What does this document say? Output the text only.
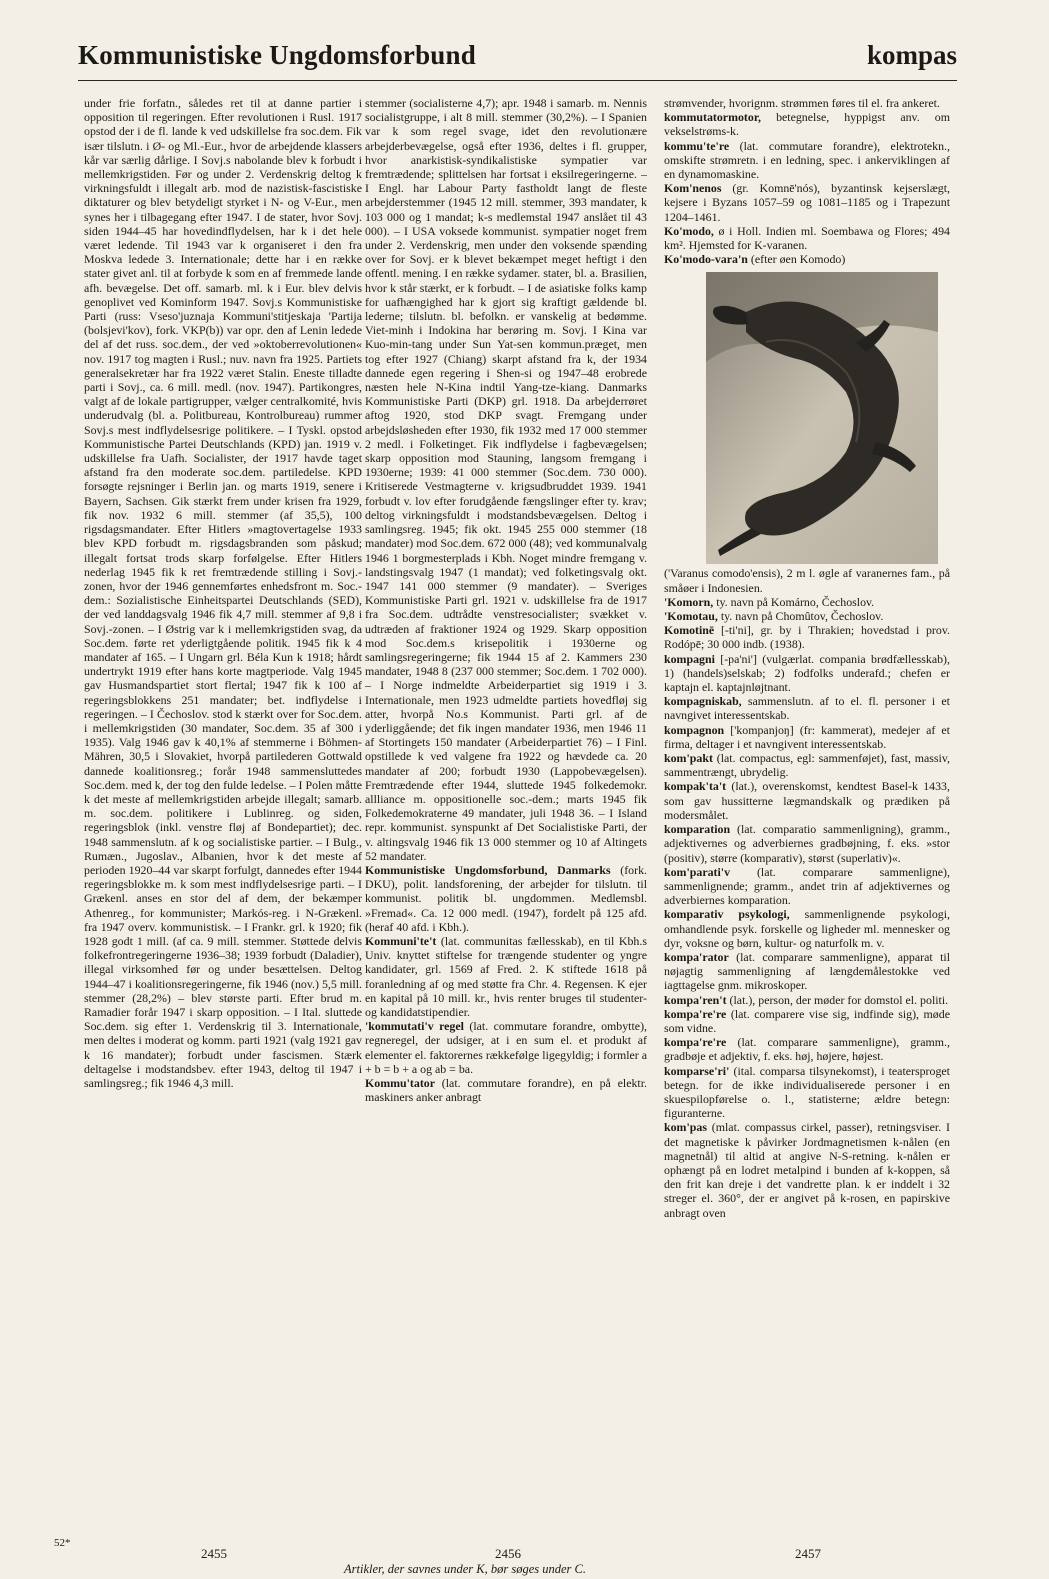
Kommunistiske Ungdomsforbund	kompas

under frie forfatn., således ret til at danne partier i opposition til regeringen. Efter revolutionen i Rusl. 1917 opstod der i de fl. lande k ved udskillelse fra soc.dem. Fik især tilslutn. i Ø- og Ml.-Eur., hvor de arbejdende klassers kår var særlig dårlige. I Sovj.s nabolande blev k forbudt i mellemkrigstiden. Før og under 2. Verdenskrig deltog k virkningsfuldt i illegalt arb. mod de nazistisk-fascistiske diktaturer og blev betydeligt styrket i N- og V-Eur., men synes her i tilbagegang efter 1947. I de stater, hvor Sovj. siden 1944–45 har hovedindflydelsen, har k i det hele været ledende. Til 1943 var k organiseret i den fra Moskva ledede 3. Internationale; dette har i en række stater givet anl. til at forbyde k som en af fremmede lande afh. bevægelse. Det off. samarb. ml. k i Eur. blev delvis genoplivet ved Kominform 1947. Sovj.s Kommunistiske Parti (russ: Vseso'juznaja Kommuni'stitjeskaja 'Partija (bolsjevi'kov), fork. VKP(b)) var opr. den af Lenin ledede del af det russ. soc.dem., der ved »oktoberrevolutionen« nov. 1917 tog magten i Rusl.; nuv. navn fra 1925. Partiets generalsekretær har fra 1922 været Stalin. Eneste tilladte parti i Sovj., ca. 6 mill. medl. (nov. 1947). Partikongres, valgt af de lokale partigrupper, vælger centralkomité, hvis underudvalg (bl. a. Politbureau, Kontrolbureau) rummer Sovj.s mest indflydelsesrige politikere. – I Tyskl. opstod Kommunistische Partei Deutschlands (KPD) jan. 1919 v. udskillelse fra Uafh. Socialister, der 1917 havde taget afstand fra den moderate soc.dem. partiledelse. KPD forsøgte rejsninger i Berlin jan. og marts 1919, senere i Bayern, Sachsen. Gik stærkt frem under krisen fra 1929, fik nov. 1932 6 mill. stemmer (af 35,5), 100 rigsdagsmandater. Efter Hitlers »magtovertagelse 1933 blev KPD forbudt m. rigsdagsbranden som påskud; illegalt fortsat trods skarp forfølgelse. Efter Hitlers nederlag 1945 fik k ret fremtrædende stilling i Sovj.-zonen, hvor der 1946 gennemførtes enhedsfront m. Soc.-dem.: Sozialistische Einheitspartei Deutschlands (SED), der ved landdagsvalg 1946 fik 4,7 mill. stemmer af 9,8 i Sovj.-zonen. – I Østrig var k i mellemkrigstiden svag, da Soc.dem. førte ret yderligtgående politik. 1945 fik k 4 mandater af 165. – I Ungarn grl. Béla Kun k 1918; hårdt undertrykt 1919 efter hans korte magtperiode. Valg 1945 gav Husmandspartiet stort flertal; 1947 fik k 100 af regeringsblokkens 251 mandater; bet. indflydelse i regeringen. – I Čechoslov. stod k stærkt over for Soc.dem. i mellemkrigstiden (30 mandater, Soc.dem. 35 af 300 i 1935). Valg 1946 gav k 40,1% af stemmerne i Böhmen-Mähren, 30,5 i Slovakiet, hvorpå partilederen Gottwald dannede koalitionsreg.; forår 1948 sammensluttedes Soc.dem. med k, der tog den fulde ledelse. – I Polen måtte k det meste af mellemkrigstiden arbejde illegalt; samarb. m. soc.dem. politikere i Lublinreg. og siden, regeringsblok (inkl. venstre fløj af Bondepartiet); dec. 1948 sammenslutn. af k og socialistiske partier. – I Bulg., Rumæn., Jugoslav., Albanien, hvor k det meste af perioden 1920–44 var skarpt forfulgt, dannedes efter 1944 regeringsblokke m. k som mest indflydelsesrige parti. – I Grækenl. anses en stor del af dem, der bekæmper Athenreg., for kommunister; Markós-reg. i N-Grækenl. fra 1947 overv. kommunistisk. – I Frankr. grl. k 1920; fik 1928 godt 1 mill. (af ca. 9 mill. stemmer. Støttede delvis folkefrontregeringerne 1936–38; 1939 forbudt (Daladier), illegal virksomhed før og under besættelsen. Deltog 1944–47 i koalitionsregeringerne, fik 1946 (nov.) 5,5 mill. stemmer (28,2%) – blev største parti. Efter brud m. Ramadier forår 1947 i skarp opposition. – I Ital. sluttede Soc.dem. sig efter 1. Verdenskrig til 3. Internationale, men deltes i moderat og komm. parti 1921 (valg 1921 gav k 16 mandater); forbudt under fascismen. Stærk deltagelse i modstandsbev. efter 1943, deltog til 1947 i samlingsreg.; fik 1946 4,3 mill.

stemmer (socialisterne 4,7); apr. 1948 i samarb. m. Nennis socialistgruppe, i alt 8 mill. stemmer (30,2%). – I Spanien var k som regel svage, idet den revolutionære arbejderbevægelse, også efter 1936, deltes i fl. grupper, hvor anarkistisk-syndikalistiske sympatier var fremtrædende; splittelsen har fortsat i eksilregeringerne. – I Engl. har Labour Party fastholdt langt de fleste arbejderstemmer (1945 12 mill. stemmer, 393 mandater, k 103 000 og 1 mandat; k-s medlemstal 1947 anslået til 43 000). – I USA voksede kommunist. sympatier noget frem under 2. Verdenskrig, men under den voksende spænding over for Sovj. er k blevet bekæmpet meget heftigt i den offentl. mening. I en række sydamer. stater, bl. a. Brasilien, hvor k står stærkt, er k forbudt. – I de asiatiske folks kamp for uafhængighed har k gjort sig kraftigt gældende bl. lederne; tilslutn. bl. befolkn. er vanskelig at bedømme. Viet-minh i Indokina har berøring m. Sovj. I Kina var Kuo-min-tang under Sun Yat-sen kommun.præget, men tog efter 1927 (Chiang) skarpt afstand fra k, der 1934 dannede egen regering i Shen-si og 1947–48 erobrede næsten hele N-Kina indtil Yang-tze-kiang. Danmarks Kommunistiske Parti (DKP) grl. 1918. Da arbejderrøret aftog 1920, stod DKP svagt. Fremgang under arbejdsløsheden efter 1930, fik 1932 med 17 000 stemmer 2 medl. i Folketinget. Fik indflydelse i fagbevægelsen; skarp opposition mod Stauning, langsom fremgang i 1930erne; 1939: 41 000 stemmer (Soc.dem. 730 000). Kritiserede Vestmagterne v. krigsudbruddet 1939. 1941 forbudt v. lov efter forudgående fængslinger efter ty. krav; deltog virkningsfuldt i modstandsbevægelsen. Deltog i samlingsreg. 1945; fik okt. 1945 255 000 stemmer (18 mandater) mod Soc.dem. 672 000 (48); ved kommunalvalg 1946 1 borgmesterplads i Kbh. Noget mindre fremgang v. landstingsvalg 1947 (1 mandat); ved folketingsvalg okt. 1947 141 000 stemmer (9 mandater). – Sveriges Kommunistiske Parti grl. 1921 v. udskillelse fra de 1917 fra Soc.dem. udtrådte venstresocialister; svækket v. udtræden af fraktioner 1924 og 1929. Skarp opposition mod Soc.dem.s krisepolitik i 1930erne og samlingsregeringerne; fik 1944 15 af 2. Kammers 230 mandater, 1948 8 (237 000 stemmer; Soc.dem. 1 702 000). – I Norge indmeldte Arbeiderpartiet sig 1919 i 3. Internationale, men 1923 udmeldte partiets hovedfløj sig atter, hvorpå No.s Kommunist. Parti grl. af de yderliggående; det fik ingen mandater 1936, men 1946 11 af Stortingets 150 mandater (Arbeiderpartiet 76) – I Finl. opstillede k ved valgene fra 1922 og hævdede ca. 20 mandater af 200; forbudt 1930 (Lappobevægelsen). Fremtrædende efter 1944, sluttede 1945 folkedemokr. allliance m. oppositionelle soc.-dem.; marts 1945 fik Folkedemokraterne 49 mandater, juli 1948 36. – I Island repr. kommunist. synspunkt af Det Socialistiske Parti, der v. altingsvalg 1946 fik 13 000 stemmer og 10 af Altingets 52 mandater.

Kommunistiske Ungdomsforbund, Danmarks (fork. DKU), polit. landsforening, der arbejder for tilslutn. til kommunist. politik bl. ungdommen. Medlemsbl. »Fremad«. Ca. 12 000 medl. (1947), fordelt på 125 afd. (heraf 40 afd. i Kbh.).

Kommuni'te't (lat. communitas fællesskab), en til Kbh.s Univ. knyttet stiftelse for trængende studenter og yngre kandidater, grl. 1569 af Fred. 2. K stiftede 1618 på foranledning af og med støtte fra Chr. 4. Regensen. K ejer en kapital på 10 mill. kr., hvis renter bruges til studenter- og kandidatstipendier.

'kommutati'v regel (lat. commutare forandre, ombytte), regneregel, der udsiger, at i en sum el. et produkt af elementer el. faktorernes rækkefølge ligegyldig; i formler a + b = b + a og ab = ba.

Kommu'tator (lat. commutare forandre), en på elektr. maskiners anker anbragt

strømvender, hvorignm. strømmen føres til el. fra ankeret.

kommutatormotor, betegnelse, hyppigst anv. om vekselstrøms-k.

kommu'te're (lat. commutare forandre), elektrotekn., omskifte strømretn. i en ledning, spec. i ankerviklingen af en dynamomaskine.

Kom'nenos (gr. Komnē'nós), byzantinsk kejserslægt, kejsere i Byzans 1057–59 og 1081–1185 og i Trapezunt 1204–1461.

Ko'modo, ø i Holl. Indien ml. Soembawa og Flores; 494 km². Hjemsted for K-varanen.

Ko'modo-vara'n (efter øen Komodo)

('Varanus comodo'ensis), 2 m l. øgle af varanernes fam., på småøer i Indonesien.

'Komorn, ty. navn på Komárno, Čechoslov.

'Komotau, ty. navn på Chomûtov, Čechoslov.

Komotinē [-ti'ni], gr. by i Thrakien; hovedstad i prov. Rodópē; 30 000 indb. (1938).

kompagni [-pa'ni'] (vulgærlat. compania brødfællesskab), 1) (handels)selskab; 2) fodfolks underafd.; chefen er kaptajn el. kaptajnløjtnant.

kompagniskab, sammenslutn. af to el. fl. personer i et navngivet interessentskab.

kompagnon ['kompanjoŋ] (fr: kammerat), medejer af et firma, deltager i et navngivent interessentskab.

kom'pakt (lat. compactus, egl: sammenføjet), fast, massiv, sammentrængt, ubrydelig.

kompak'ta't (lat.), overenskomst, kendtest Basel-k 1433, som gav hussitterne lægmandskalk og prædiken på modersmålet.

komparation (lat. comparatio sammenligning), gramm., adjektivernes og adverbiernes gradbøjning, f. eks. »stor (positiv), større (komparativ), størst (superlativ)«.

kom'parati'v (lat. comparare sammenligne), sammenlignende; gramm., andet trin af adjektivernes og adverbiernes komparation.

komparativ psykologi, sammenlignende psykologi, omhandlende psyk. forskelle og ligheder ml. mennesker og dyr, voksne og børn, kultur- og naturfolk m. v.

kompa'rator (lat. comparare sammenligne), apparat til nøjagtig sammenligning af længdemålestokke ved iagttagelse gnm. mikroskoper.

kompa'ren't (lat.), person, der møder for domstol el. politi.

kompa're're (lat. comparere vise sig, indfinde sig), møde som vidne.

kompa're're (lat. comparare sammenligne), gramm., gradbøje et adjektiv, f. eks. høj, højere, højest.

komparse'ri' (ital. comparsa tilsynekomst), i teatersproget betegn. for de ikke individualiserede personer i en skuespilopførelse o. l., statisterne; ældre betegn: figuranterne.

kom'pas (mlat. compassus cirkel, passer), retningsviser. I det magnetiske k påvirker Jordmagnetismen k-nålen (en magnetnål) til altid at angive N-S-retning. k-nålen er ophængt på en lodret metalpind i bunden af k-koppen, så den frit kan dreje i det vandrette plan. k er inddelt i 32 streger el. 360°, der er angivet på k-rosen, en papirskive anbragt oven

52*
2455	2456	2457
Artikler, der savnes under K, bør søges under C.
